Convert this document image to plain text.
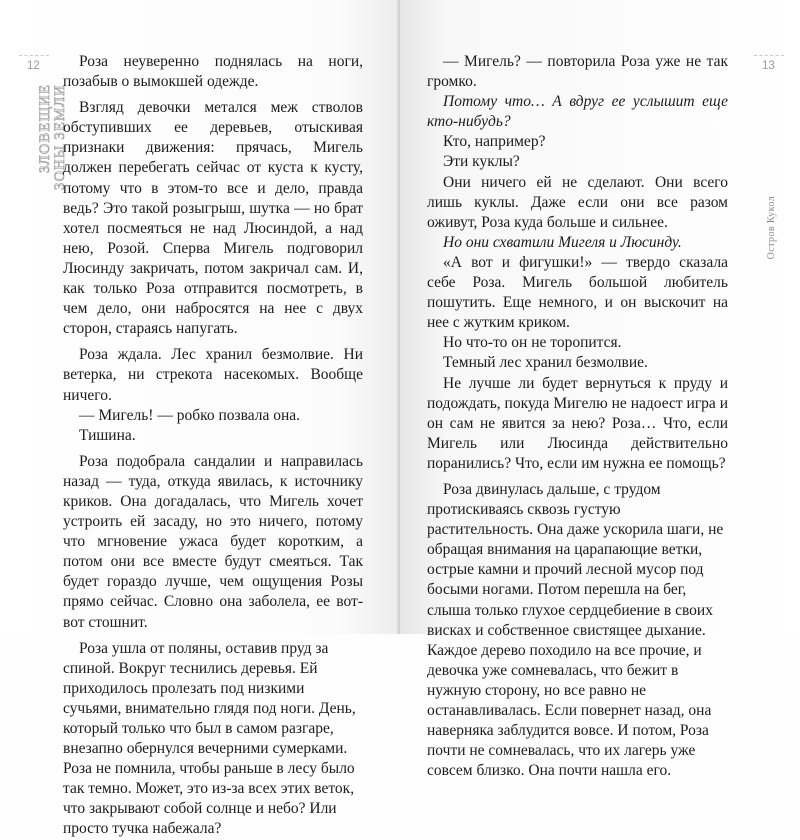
12
ЗЛОВЕЩИЕ ЗОНЫ ЗЕМЛИ

Роза неуверенно поднялась на ноги, позабыв о вымокшей одежде.

Взгляд девочки метался меж стволов обступивших ее деревьев, отыскивая признаки движения: прячась, Мигель должен перебегать сейчас от куста к кусту, потому что в этом-то все и дело, правда ведь? Это такой розыгрыш, шутка — но брат хотел посмеяться не над Люсиндой, а над нею, Розой. Сперва Мигель подговорил Люсинду закричать, потом закричал сам. И, как только Роза отправится посмотреть, в чем дело, они набросятся на нее с двух сторон, стараясь напугать.

Роза ждала. Лес хранил безмолвие. Ни ветерка, ни стрекота насекомых. Вообще ничего.

— Мигель! — робко позвала она.

Тишина.

Роза подобрала сандалии и направилась назад — туда, откуда явилась, к источнику криков. Она догадалась, что Мигель хочет устроить ей засаду, но это ничего, потому что мгновение ужаса будет коротким, а потом они все вместе будут смеяться. Так будет гораздо лучше, чем ощущения Розы прямо сейчас. Словно она заболела, ее вот-вот стошнит.

Роза ушла от поляны, оставив пруд за спиной. Вокруг теснились деревья. Ей приходилось пролезать под низкими сучьями, внимательно глядя под ноги. День, который только что был в самом разгаре, внезапно обернулся вечерними сумерками. Роза не помнила, чтобы раньше в лесу было так темно. Может, это из-за всех этих веток, что закрывают собой солнце и небо? Или просто тучка набежала?

13
Остров Кукол

— Мигель? — повторила Роза уже не так громко.

Потому что… А вдруг ее услышит еще кто-нибудь?

Кто, например?

Эти куклы?

Они ничего ей не сделают. Они всего лишь куклы. Даже если они все разом оживут, Роза куда больше и сильнее.

Но они схватили Мигеля и Люсинду.

«А вот и фигушки!» — твердо сказала себе Роза. Мигель большой любитель пошутить. Еще немного, и он выскочит на нее с жутким криком.

Но что-то он не торопится.

Темный лес хранил безмолвие.

Не лучше ли будет вернуться к пруду и подождать, покуда Мигелю не надоест игра и он сам не явится за нею? Роза… Что, если Мигель или Люсинда действительно поранились? Что, если им нужна ее помощь?

Роза двинулась дальше, с трудом протискиваясь сквозь густую растительность. Она даже ускорила шаги, не обращая внимания на царапающие ветки, острые камни и прочий лесной мусор под босыми ногами. Потом перешла на бег, слыша только глухое сердцебиение в своих висках и собственное свистящее дыхание. Каждое дерево походило на все прочие, и девочка уже сомневалась, что бежит в нужную сторону, но все равно не останавливалась. Если повернет назад, она наверняка заблудится вовсе. И потом, Роза почти не сомневалась, что их лагерь уже совсем близко. Она почти нашла его.
